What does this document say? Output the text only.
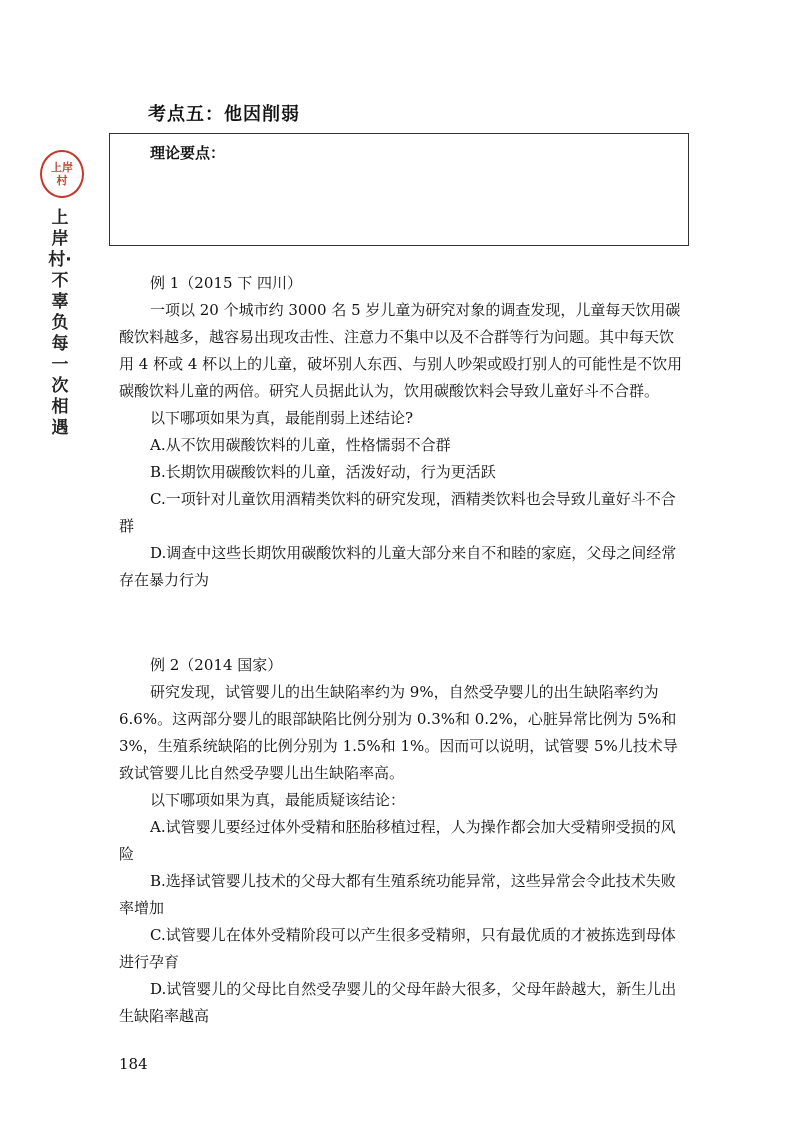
上岸
村
上岸村·不辜负每一次相遇
考点五：他因削弱
理论要点：

例 1（2015 下 四川）

一项以 20 个城市约 3000 名 5 岁儿童为研究对象的调查发现，儿童每天饮用碳酸饮料越多，越容易出现攻击性、注意力不集中以及不合群等行为问题。其中每天饮用 4 杯或 4 杯以上的儿童，破坏别人东西、与别人吵架或殴打别人的可能性是不饮用碳酸饮料儿童的两倍。研究人员据此认为，饮用碳酸饮料会导致儿童好斗不合群。

以下哪项如果为真，最能削弱上述结论?

A.从不饮用碳酸饮料的儿童，性格懦弱不合群

B.长期饮用碳酸饮料的儿童，活泼好动，行为更活跃

C.一项针对儿童饮用酒精类饮料的研究发现，酒精类饮料也会导致儿童好斗不合群

D.调查中这些长期饮用碳酸饮料的儿童大部分来自不和睦的家庭，父母之间经常存在暴力行为

例 2（2014 国家）

研究发现，试管婴儿的出生缺陷率约为 9%，自然受孕婴儿的出生缺陷率约为 6.6%。这两部分婴儿的眼部缺陷比例分别为 0.3%和 0.2%，心脏异常比例为 5%和 3%，生殖系统缺陷的比例分别为 1.5%和 1%。因而可以说明，试管婴 5%儿技术导致试管婴儿比自然受孕婴儿出生缺陷率高。

以下哪项如果为真，最能质疑该结论：

A.试管婴儿要经过体外受精和胚胎移植过程，人为操作都会加大受精卵受损的风险

B.选择试管婴儿技术的父母大都有生殖系统功能异常，这些异常会令此技术失败率增加

C.试管婴儿在体外受精阶段可以产生很多受精卵，只有最优质的才被拣选到母体进行孕育

D.试管婴儿的父母比自然受孕婴儿的父母年龄大很多，父母年龄越大，新生儿出生缺陷率越高

184
